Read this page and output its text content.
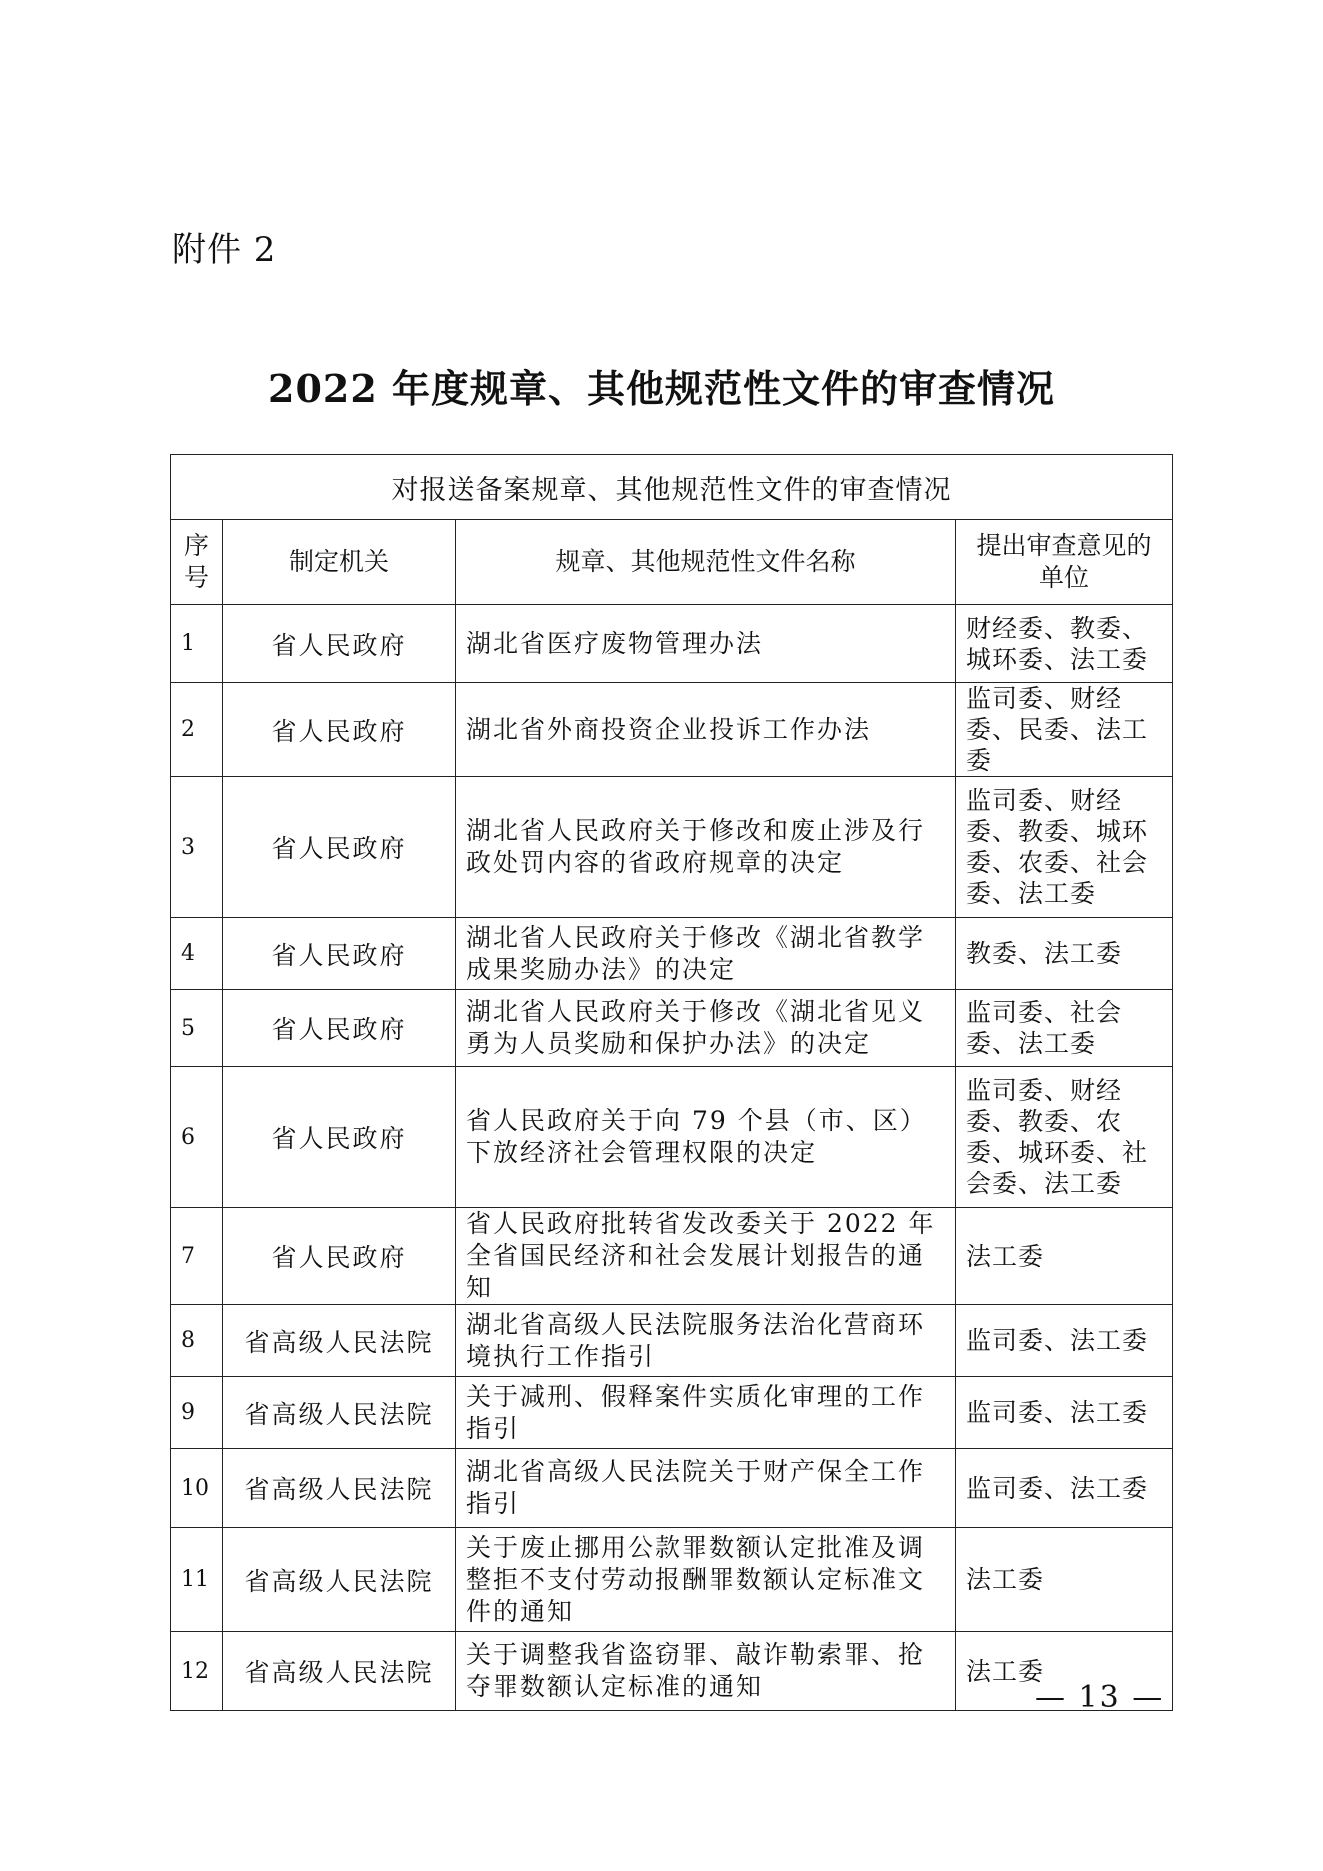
附件 2
2022 年度规章、其他规范性文件的审查情况
对报送备案规章、其他规范性文件的审查情况			

序号	制定机关	规章、其他规范性文件名称	提出审查意见的单位
1	省人民政府	湖北省医疗废物管理办法	财经委、教委、城环委、法工委
2	省人民政府	湖北省外商投资企业投诉工作办法	监司委、财经委、民委、法工委
3	省人民政府	湖北省人民政府关于修改和废止涉及行政处罚内容的省政府规章的决定	监司委、财经委、教委、城环委、农委、社会委、法工委
4	省人民政府	湖北省人民政府关于修改《湖北省教学成果奖励办法》的决定	教委、法工委
5	省人民政府	湖北省人民政府关于修改《湖北省见义勇为人员奖励和保护办法》的决定	监司委、社会委、法工委
6	省人民政府	省人民政府关于向 79 个县（市、区）下放经济社会管理权限的决定	监司委、财经委、教委、农委、城环委、社会委、法工委
7	省人民政府	省人民政府批转省发改委关于 2022 年全省国民经济和社会发展计划报告的通知	法工委
8	省高级人民法院	湖北省高级人民法院服务法治化营商环境执行工作指引	监司委、法工委
9	省高级人民法院	关于减刑、假释案件实质化审理的工作指引	监司委、法工委
10	省高级人民法院	湖北省高级人民法院关于财产保全工作指引	监司委、法工委
11	省高级人民法院	关于废止挪用公款罪数额认定批准及调整拒不支付劳动报酬罪数额认定标准文件的通知	法工委
12	省高级人民法院	关于调整我省盗窃罪、敲诈勒索罪、抢夺罪数额认定标准的通知	法工委
— 13 —
